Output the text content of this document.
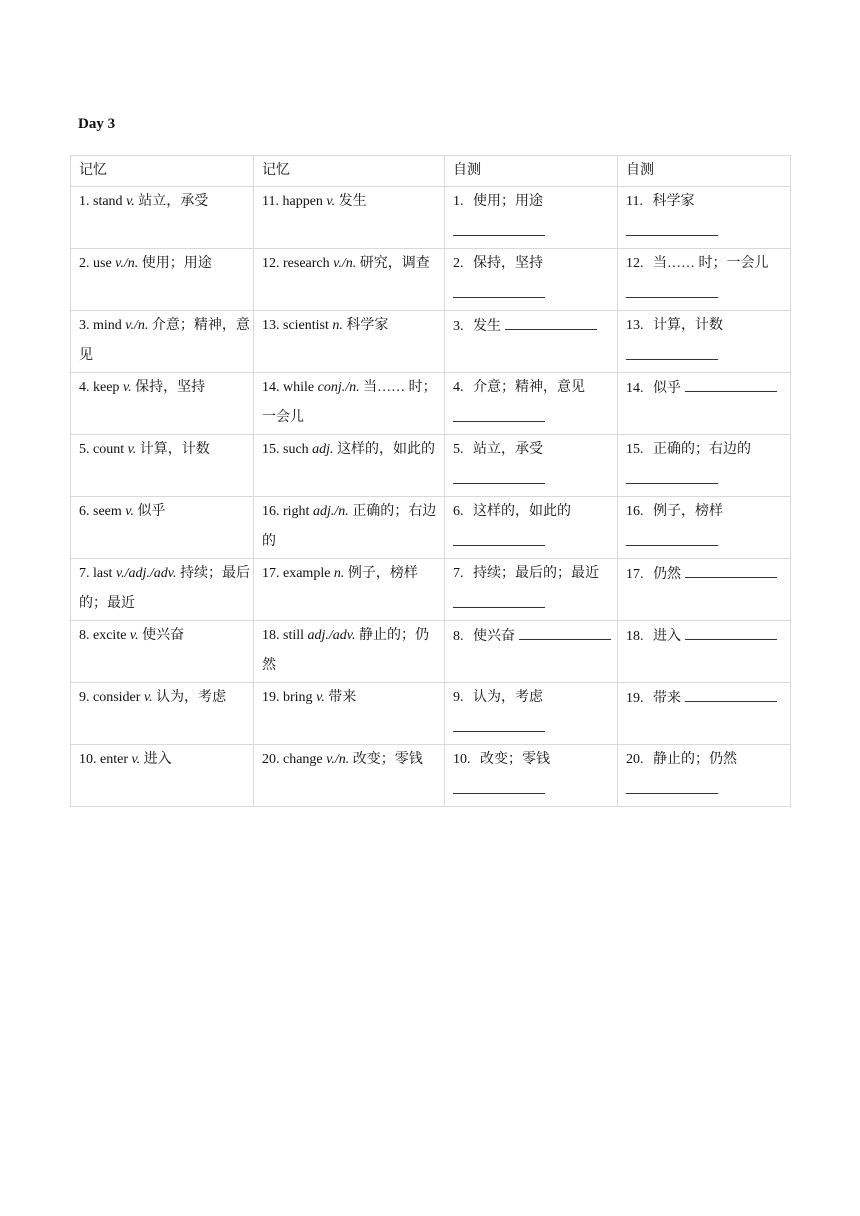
Day 3
记忆	记忆	自测	自测
1. stand v. 站立，承受	11. happen v. 发生	1. 使用；用途	11. 科学家
2. use v./n. 使用；用途	12. research v./n. 研究，调查	2. 保持，坚持	12. 当…… 时；一会儿
3. mind v./n. 介意；精神，意见	13. scientist n. 科学家	3. 发生	13. 计算，计数
4. keep v. 保持，坚持	14. while conj./n. 当…… 时；一会儿	4. 介意；精神，意见	14. 似乎
5. count v. 计算，计数	15. such adj. 这样的，如此的	5. 站立，承受	15. 正确的；右边的
6. seem v. 似乎	16. right adj./n. 正确的；右边的	6. 这样的，如此的	16. 例子，榜样
7. last v./adj./adv. 持续；最后的；最近	17. example n. 例子，榜样	7. 持续；最后的；最近	17. 仍然
8. excite v. 使兴奋	18. still adj./adv. 静止的；仍然	8. 使兴奋	18. 进入
9. consider v. 认为，考虑	19. bring v. 带来	9. 认为，考虑	19. 带来
10. enter v. 进入	20. change v./n. 改变；零钱	10. 改变；零钱	20. 静止的；仍然
